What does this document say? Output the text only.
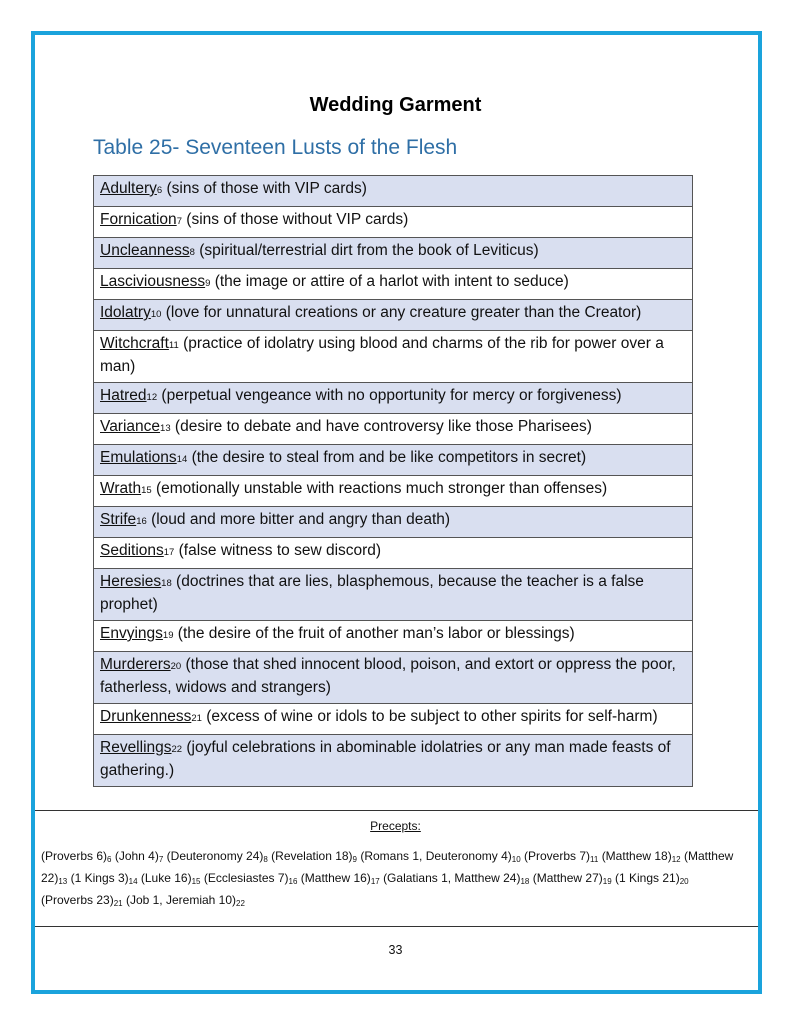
Wedding Garment
Table 25- Seventeen Lusts of the Flesh
Adultery6 (sins of those with VIP cards)
Fornication7 (sins of those without VIP cards)
Uncleanness8 (spiritual/terrestrial dirt from the book of Leviticus)
Lasciviousness9 (the image or attire of a harlot with intent to seduce)
Idolatry10 (love for unnatural creations or any creature greater than the Creator)
Witchcraft11 (practice of idolatry using blood and charms of the rib for power over a man)
Hatred12 (perpetual vengeance with no opportunity for mercy or forgiveness)
Variance13 (desire to debate and have controversy like those Pharisees)
Emulations14 (the desire to steal from and be like competitors in secret)
Wrath15 (emotionally unstable with reactions much stronger than offenses)
Strife16 (loud and more bitter and angry than death)
Seditions17 (false witness to sew discord)
Heresies18 (doctrines that are lies, blasphemous, because the teacher is a false prophet)
Envyings19 (the desire of the fruit of another man’s labor or blessings)
Murderers20 (those that shed innocent blood, poison, and extort or oppress the poor, fatherless, widows and strangers)
Drunkenness21 (excess of wine or idols to be subject to other spirits for self-harm)
Revellings22 (joyful celebrations in abominable idolatries or any man made feasts of gathering.)
Precepts:
(Proverbs $6)_6$ (John $4)_7$ (Deuteronomy $24)_8$ (Revelation $18)_9$ (Romans 1, Deuteronomy $4)_{10}$ (Proverbs $7)_{11}$ (Matthew $18)_{12}$ (Matthew $22)_{13}$ (1 Kings $3)_{14}$ (Luke $16)_{15}$ (Ecclesiastes $7)_{16}$ (Matthew $16)_{17}$ (Galatians 1, Matthew $24)_{18}$ (Matthew $27)_{19}$ (1 Kings $21)_{20}$ (Proverbs $23)_{21}$ (Job 1, Jeremiah $10)_{22}$
33
